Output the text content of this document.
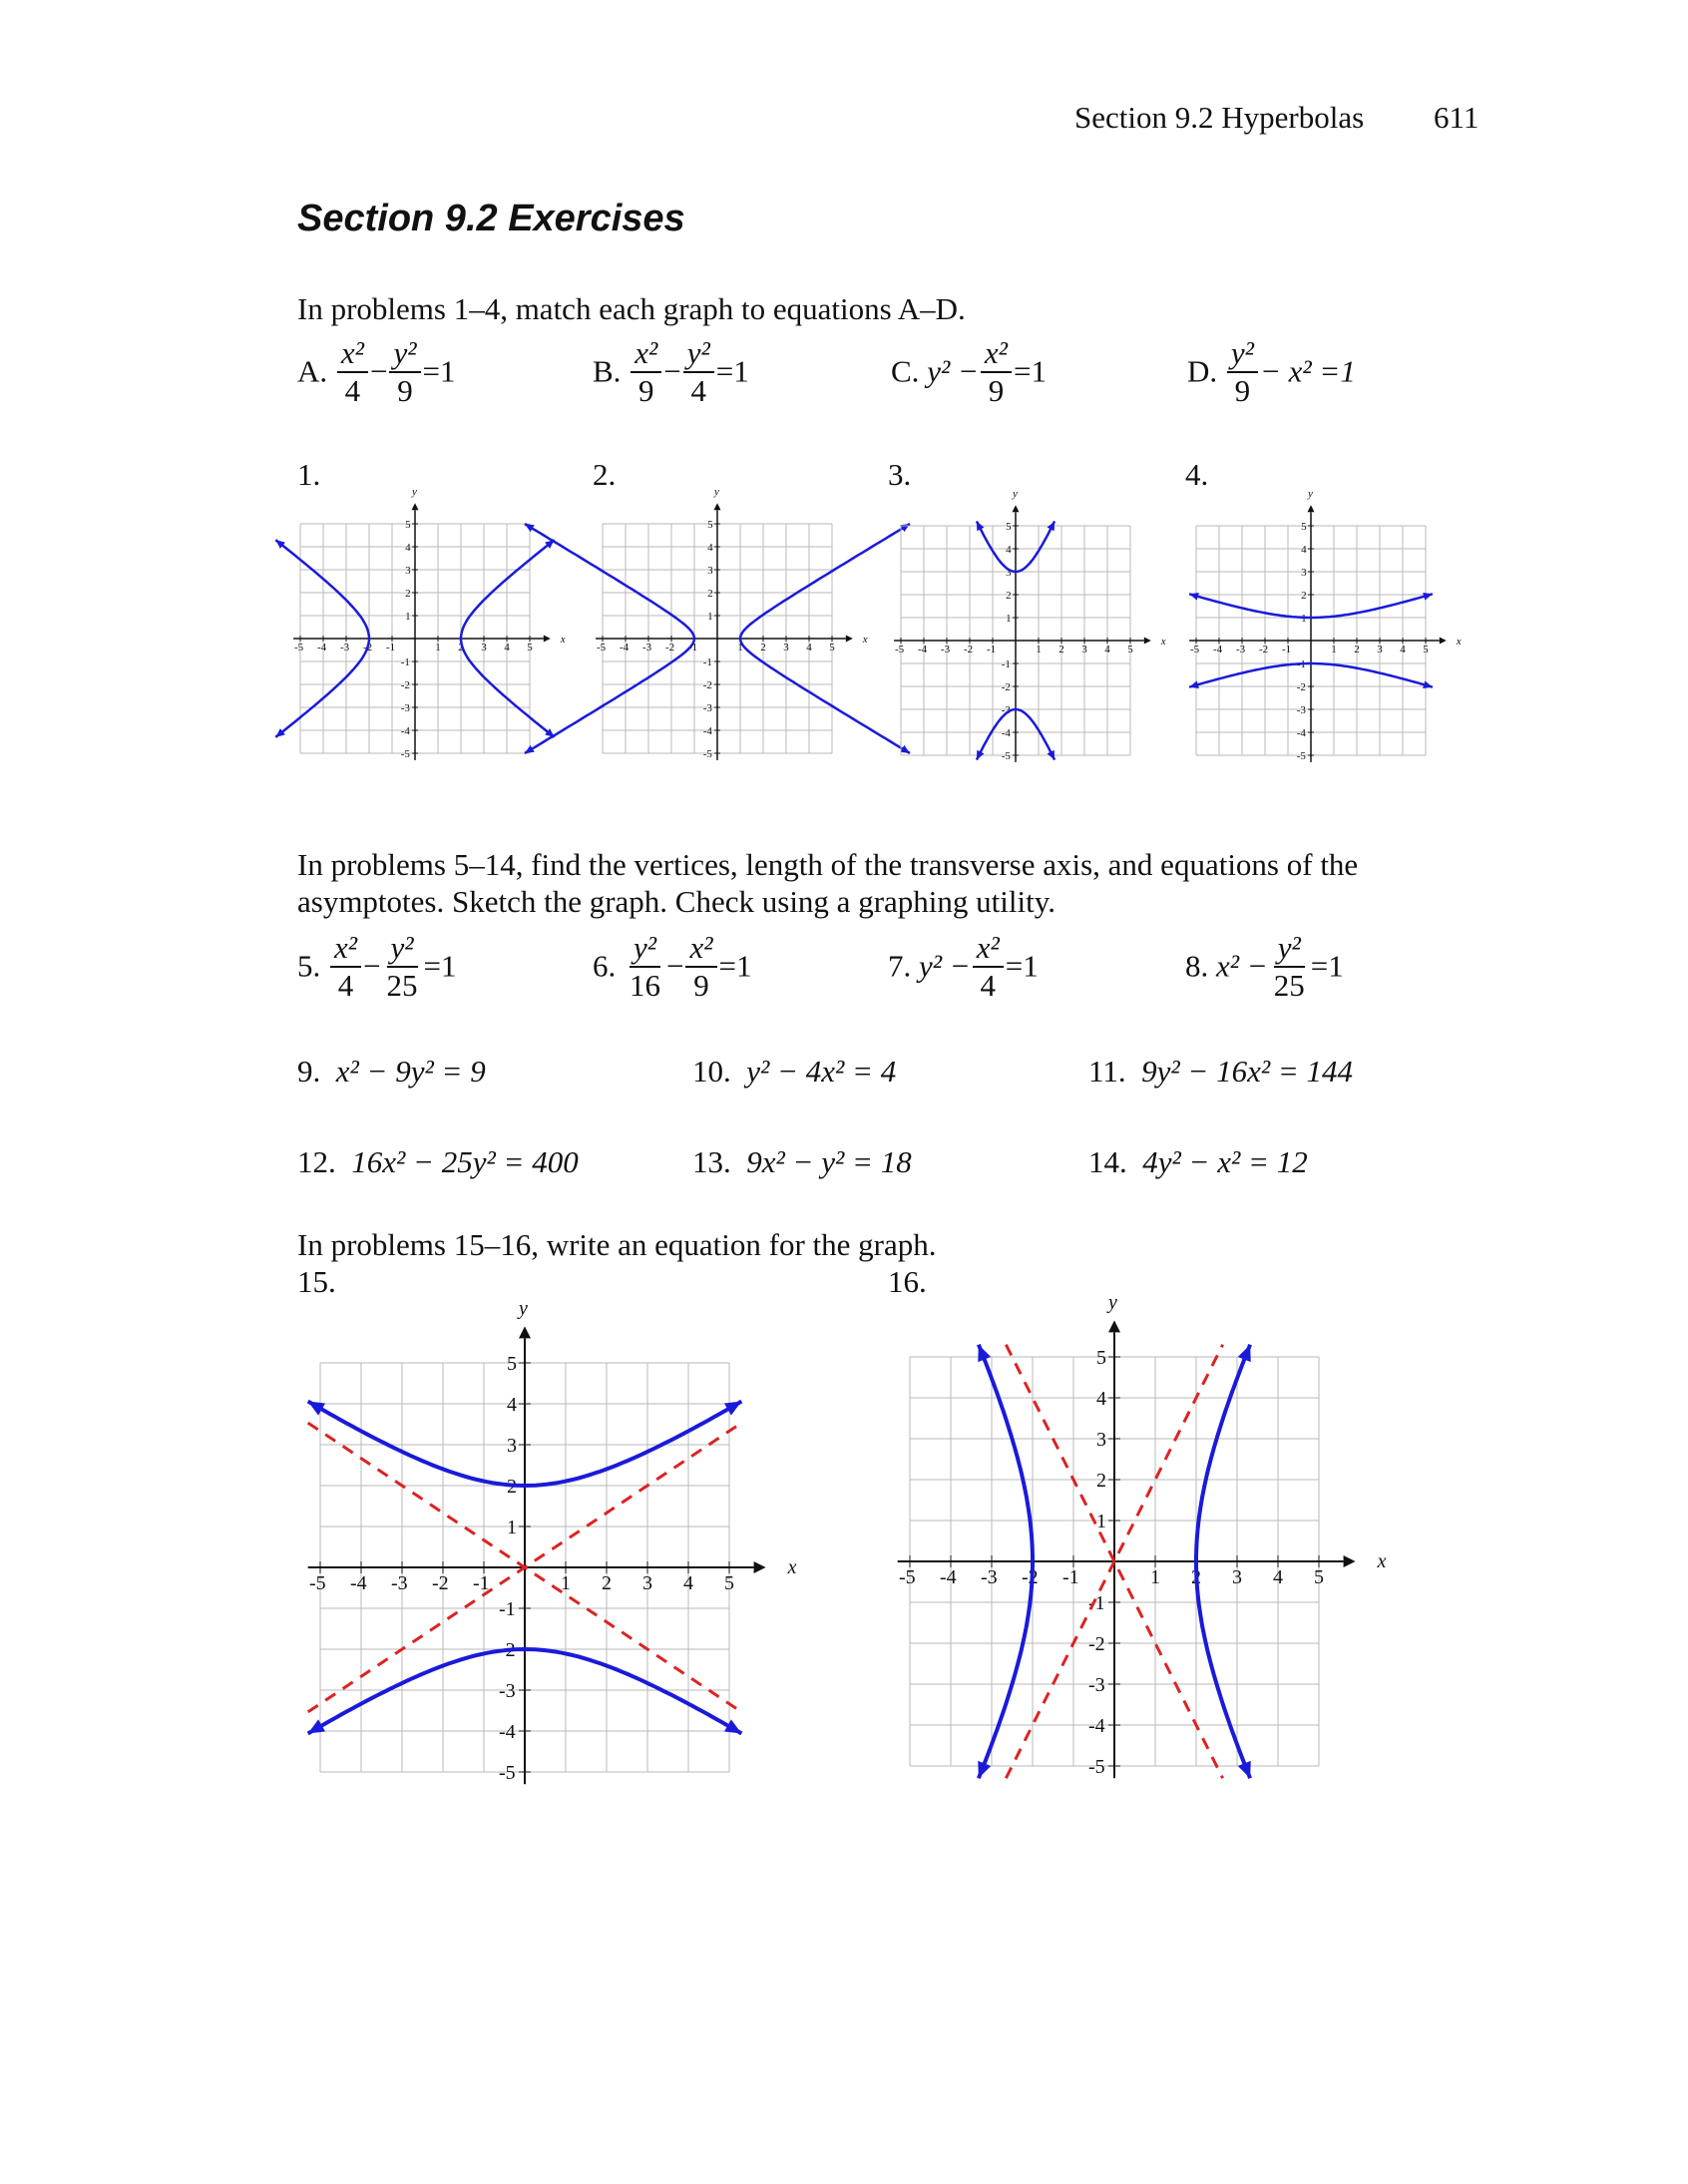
Section 9.2 Hyperbolas 611
Section 9.2 Exercises
In problems 1–4, match each graph to equations A–D.
A. $\frac{\text{x²}}{4} - \frac{\text{y²}}{9} =1$	B. $\frac{\text{x²}}{9} - \frac{\text{y²}}{4} =1$	C. $y^2 - \frac{\text{x²}}{9} =1$	D. $\frac{\text{y²}}{9} - x^2 =1$
1.	2.	3.	4.
x
y
-5
-5
-4
-4
-3
-3
-2
-2
-1
-1
1
1
2
2
3
3
4
4
5
5
x
y
-5
-5
-4
-4
-3
-3
-2
-2
-1
-1
1
1
2
2
3
3
4
4
5
5
x
y
-5
-5
-4
-4
-3
-3
-2
-2
-1
-1
1
1
2
2
3
3
4
4
5
5
x
y
-5
-5
-4
-4
-3
-3
-2
-2
-1
-1
1
1
2
2
3
3
4
4
5
5
In problems 5–14, find the vertices, length of the transverse axis, and equations of the asymptotes. Sketch the graph. Check using a graphing utility.
5. $\frac{\text{x²}}{4} - \frac{\text{y²}}{25} =1$	6. $\frac{\text{y²}}{16} - \frac{\text{x²}}{9} =1$	7. $y^2 - \frac{\text{x²}}{4} =1$	8. $x^2 - \frac{\text{y²}}{25} =1$
9. x² − 9y² = 9	10. y² − 4x² = 4	11. 9y² − 16x² = 144
12. 16x² − 25y² = 400	13. 9x² − y² = 18	14. 4y² − x² = 12
In problems 15–16, write an equation for the graph.
15.	16.
x
y
-5
-5
-4
-4
-3
-3
-2
-2
-1
-1
1
1
2
2
3
3
4
4
5
5
x
y
-5
-5
-4
-4
-3
-3
-2
-2
-1
-1
1
1
2
2
3
3
4
4
5
5
